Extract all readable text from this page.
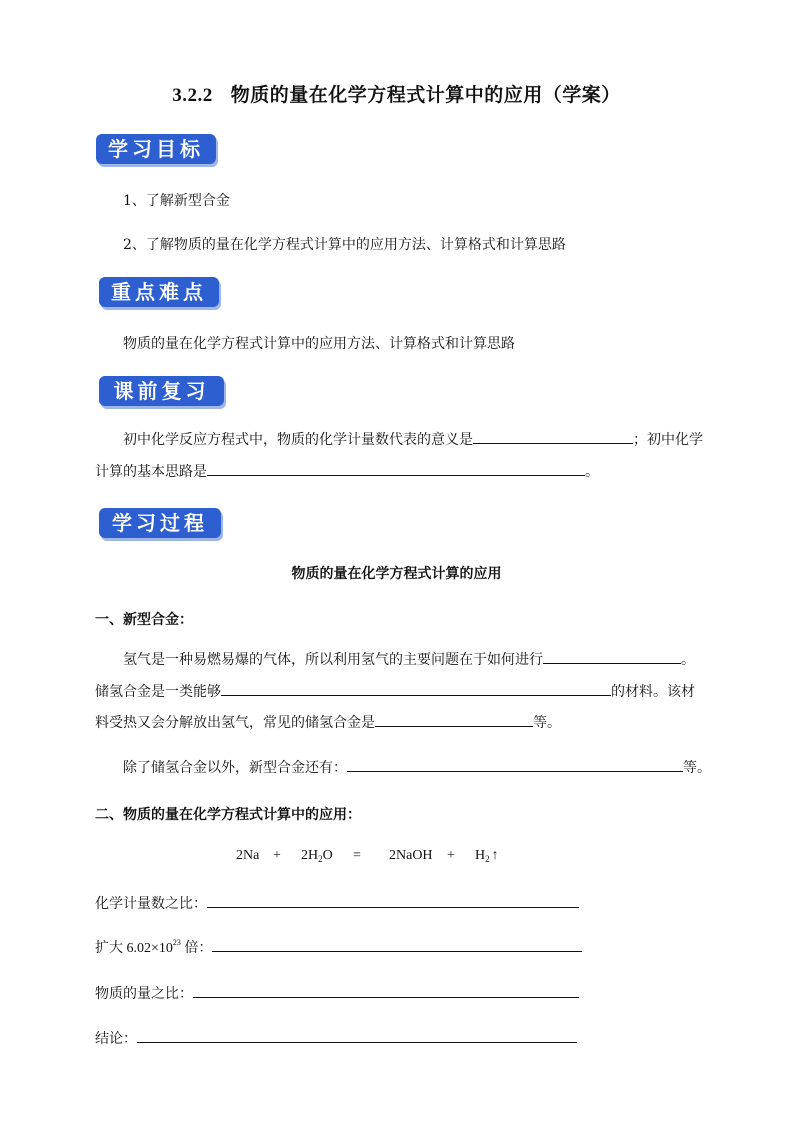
3.2.2 物质的量在化学方程式计算中的应用（学案）
学习目标
1、了解新型合金
2、了解物质的量在化学方程式计算中的应用方法、计算格式和计算思路
重点难点
物质的量在化学方程式计算中的应用方法、计算格式和计算思路
课前复习
初中化学反应方程式中，物质的化学计量数代表的意义是	；初中化学
计算的基本思路是	。
学习过程
物质的量在化学方程式计算的应用
一、新型合金：
氢气是一种易燃易爆的气体，所以利用氢气的主要问题在于如何进行	。
储氢合金是一类能够	的材料。该材
料受热又会分解放出氢气，常见的储氢合金是	等。
除了储氢合金以外，新型合金还有：	等。
二、物质的量在化学方程式计算中的应用：
$2Na + 2H_2O$ = 2NaOH + $H_2$ ↑
化学计量数之比：
扩大 $6.02\times 10^{23}$ 倍：
物质的量之比：
结论：
